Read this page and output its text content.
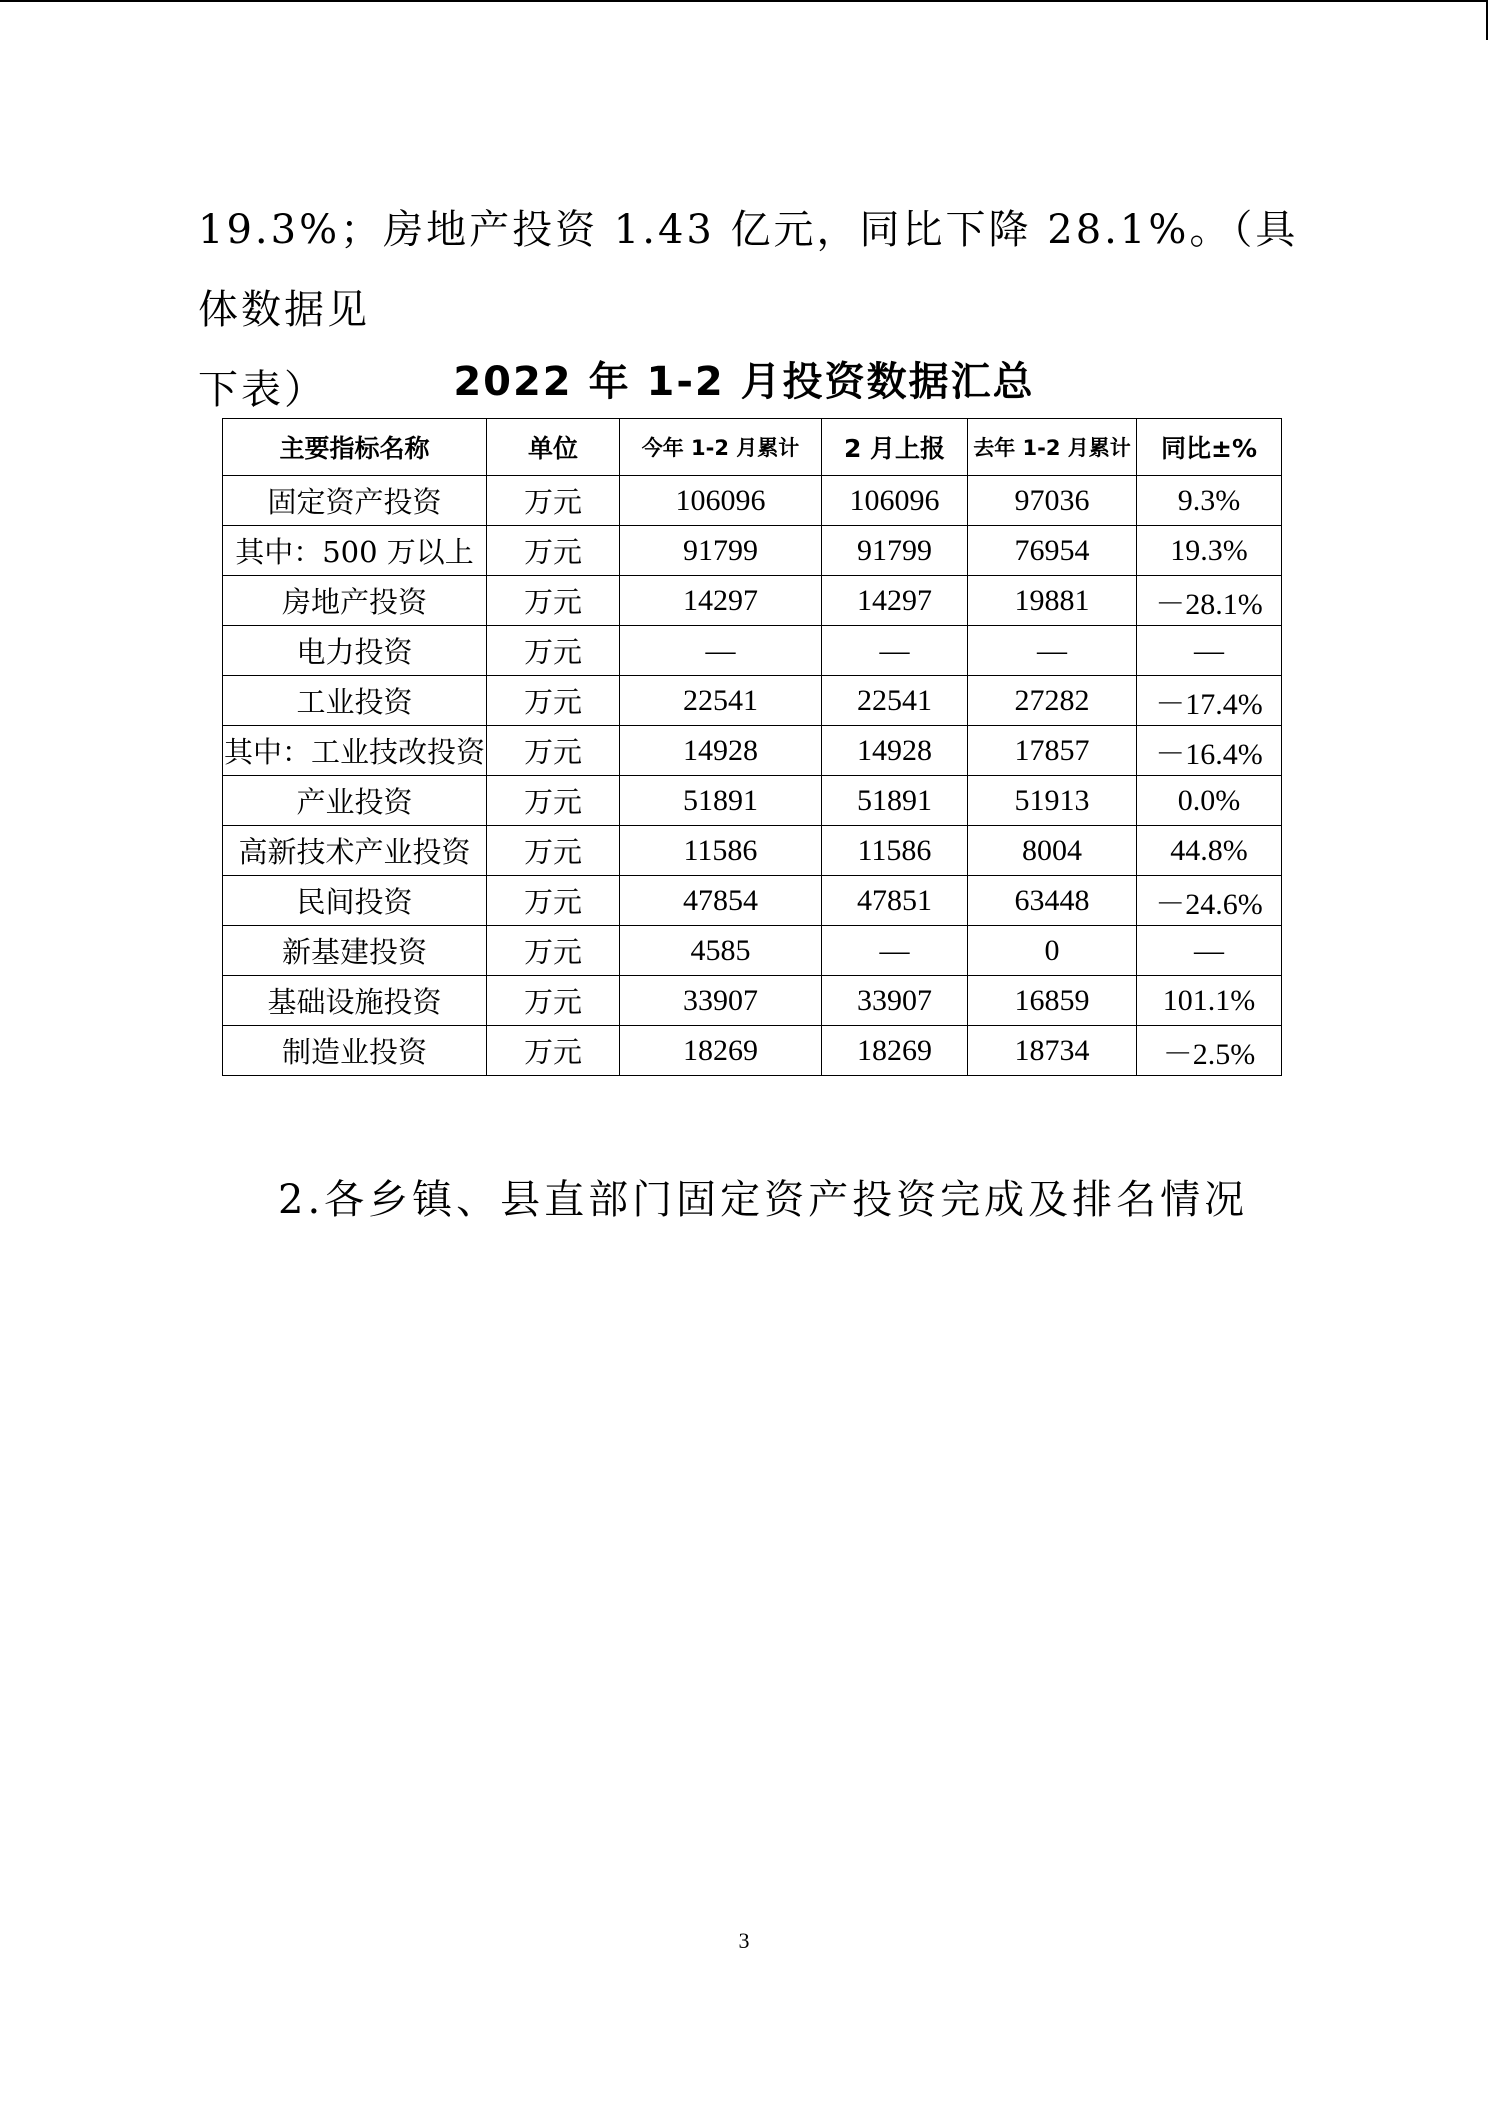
19.3%；房地产投资 1.43 亿元，同比下降 28.1%。（具体数据见
下表）	2022 年 1-2 月投资数据汇总
主要指标名称	单位	今年 1-2 月累计	2 月上报	去年 1-2 月累计	同比±%
固定资产投资	万元	106096	106096	97036	9.3%
其中：500 万以上	万元	91799	91799	76954	19.3%
房地产投资	万元	14297	14297	19881	－28.1%
电力投资	万元	—	—	—	—
工业投资	万元	22541	22541	27282	－17.4%
其中：工业技改投资	万元	14928	14928	17857	－16.4%
产业投资	万元	51891	51891	51913	0.0%
高新技术产业投资	万元	11586	11586	8004	44.8%
民间投资	万元	47854	47851	63448	－24.6%
新基建投资	万元	4585	—	0	—
基础设施投资	万元	33907	33907	16859	101.1%
制造业投资	万元	18269	18269	18734	－2.5%

2.各乡镇、县直部门固定资产投资完成及排名情况

3
